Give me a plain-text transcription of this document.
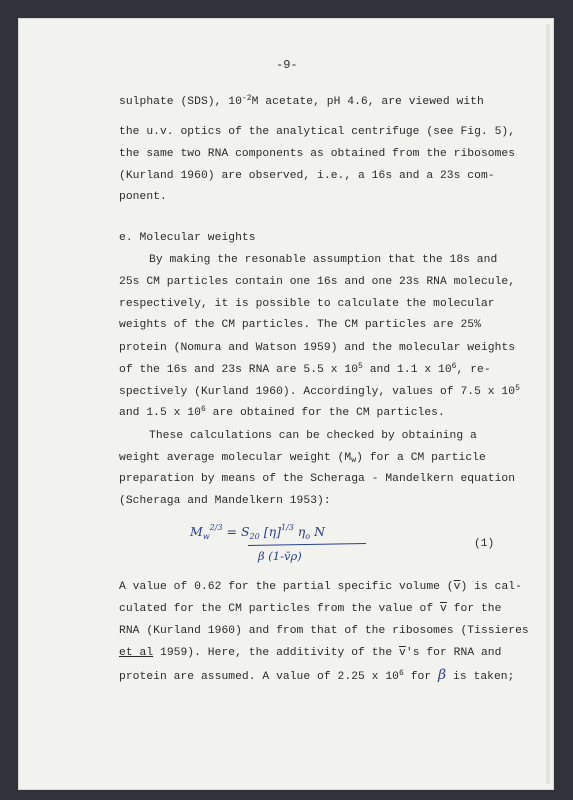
-9-
sulphate (SDS), $10^{-2}M$ acetate, pH 4.6, are viewed with
the u.v. optics of the analytical centrifuge (see Fig. 5),
the same two RNA components as obtained from the ribosomes
(Kurland 1960) are observed, i.e., a 16s and a 23s com-
ponent.
e. Molecular weights
By making the resonable assumption that the 18s and
25s CM particles contain one 16s and one 23s RNA molecule,
respectively, it is possible to calculate the molecular
weights of the CM particles. The CM particles are 25%
protein (Nomura and Watson 1959) and the molecular weights
of the 16s and 23s RNA are 5.5 x $10^5$ and 1.1 x $10^6$, re-
spectively (Kurland 1960). Accordingly, values of 7.5 x $10^5$
and 1.5 x $10^6$ are obtained for the CM particles.
These calculations can be checked by obtaining a
weight average molecular weight $(M_w)$ for a CM particle
preparation by means of the Scheraga - Mandelkern equation
(Scheraga and Mandelkern 1953):
$M_w^{2/3} = S_{20}$ $[\eta]^{1/3}$ $\eta_o$ N
β (1-v̄ρ)
(1)
A value of 0.62 for the partial specific volume $(\overline{v})$ is cal-
culated for the CM particles from the value of $\overline{v}$ for the
RNA (Kurland 1960) and from that of the ribosomes (Tissieres
et al 1959). Here, the additivity of the $\overline{v}'s$ for RNA and
protein are assumed. A value of 2.25 x $10^6$ for β is taken;
